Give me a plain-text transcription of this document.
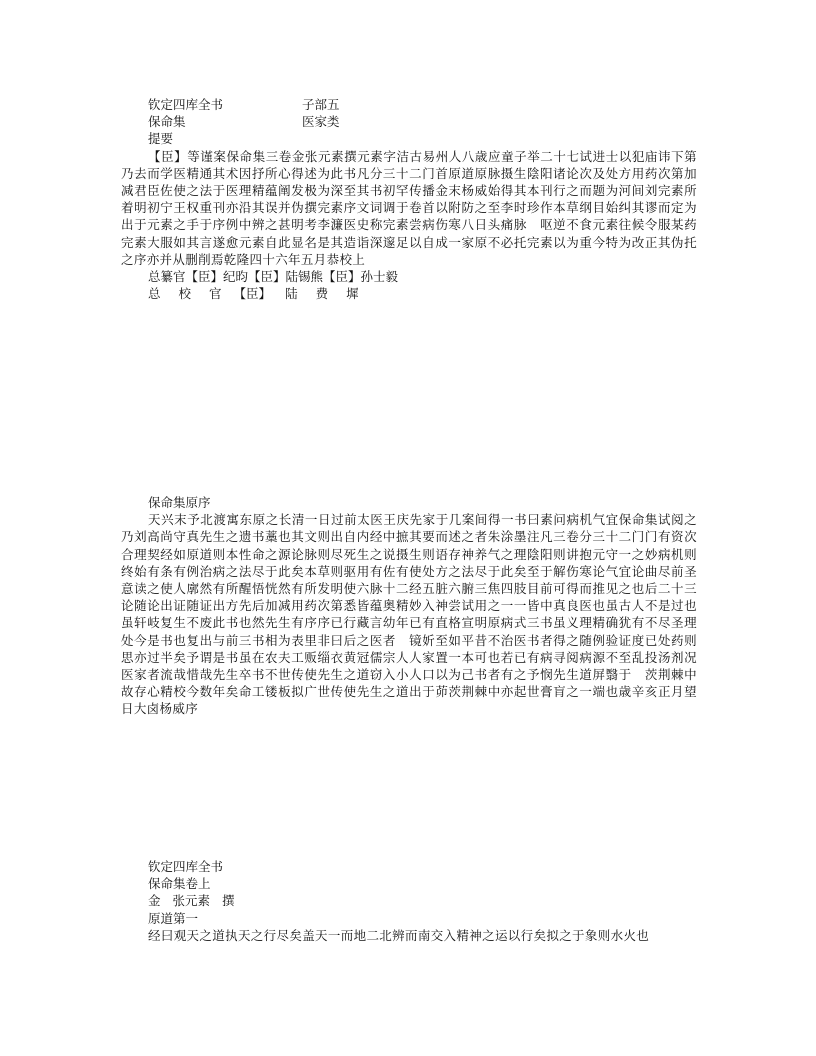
钦定四库全书	子部五
保命集	医家类
提要
【臣】等谨案保命集三卷金张元素撰元素字洁古易州人八歳应童子举二十七试进士以犯庙讳下第乃去而学医精通其术因抒所心得述为此书凡分三十二门首原道原脉摄生陰阳诸论次及处方用药次第加减君臣佐使之法于医理精蕴阐发极为深至其书初罕传播金末杨威始得其本刊行之而题为河间刘完素所着明初宁王权重刊亦沿其误并伪撰完素序文词调于卷首以附防之至李时珍作本草纲目始纠其谬而定为出于元素之手于序例中辨之甚明考李濂医史称完素尝病伤寒八日头痛脉　呕逆不食元素往候令服某药完素大服如其言遂愈元素自此显名是其造诣深邃足以自成一家原不必托完素以为重今特为改正其伪托之序亦并从删削焉乾隆四十六年五月恭校上
总纂官【臣】纪昀【臣】陆锡熊【臣】孙士毅
总 校 官 【臣】 陆 费 墀
保命集原序
天兴末予北渡寓东原之长清一日过前太医王庆先家于几案间得一书曰素问病机气宜保命集试阅之乃刘高尚守真先生之遗书藁也其文则出自内经中摭其要而述之者朱涂墨注凡三卷分三十二门门有资次合理契经如原道则本性命之源论脉则尽死生之说摄生则语存神养气之理陰阳则讲抱元守一之妙病机则终始有条有例治病之法尽于此矣本草则驱用有佐有使处方之法尽于此矣至于解伤寒论气宜论曲尽前圣意读之使人廓然有所醒悟恍然有所发明使六脉十二经五脏六腑三焦四肢目前可得而推见之也后二十三论随论出证随证出方先后加减用药次第悉皆蕴奥精妙入神尝试用之一一皆中真良医也虽古人不是过也虽轩岐复生不废此书也然先生有序序已行藏言幼年已有直格宣明原病式三书虽义理精确犹有不尽圣理处今是书也复出与前三书相为表里非曰后之医者　镜妡至如平昔不治医书者得之随例验证度已处药则思亦过半矣予谓是书虽在农夫工贩缁衣黄冠儒宗人人家置一本可也若已有病寻阅病源不至乱投汤剂况医家者流哉惜哉先生卒书不世传使先生之道窃入小人口以为己书者有之予悯先生道屏翳于　茨荆棘中故存心精校今数年矣命工镂板拟广世传使先生之道出于茆茨荆棘中亦起世膏肓之一端也歳辛亥正月望日大卤杨威序
钦定四库全书
保命集卷上
金 张元素 撰
原道第一
经曰观天之道执天之行尽矣盖天一而地二北辨而南交入精神之运以行矣拟之于象则水火也
